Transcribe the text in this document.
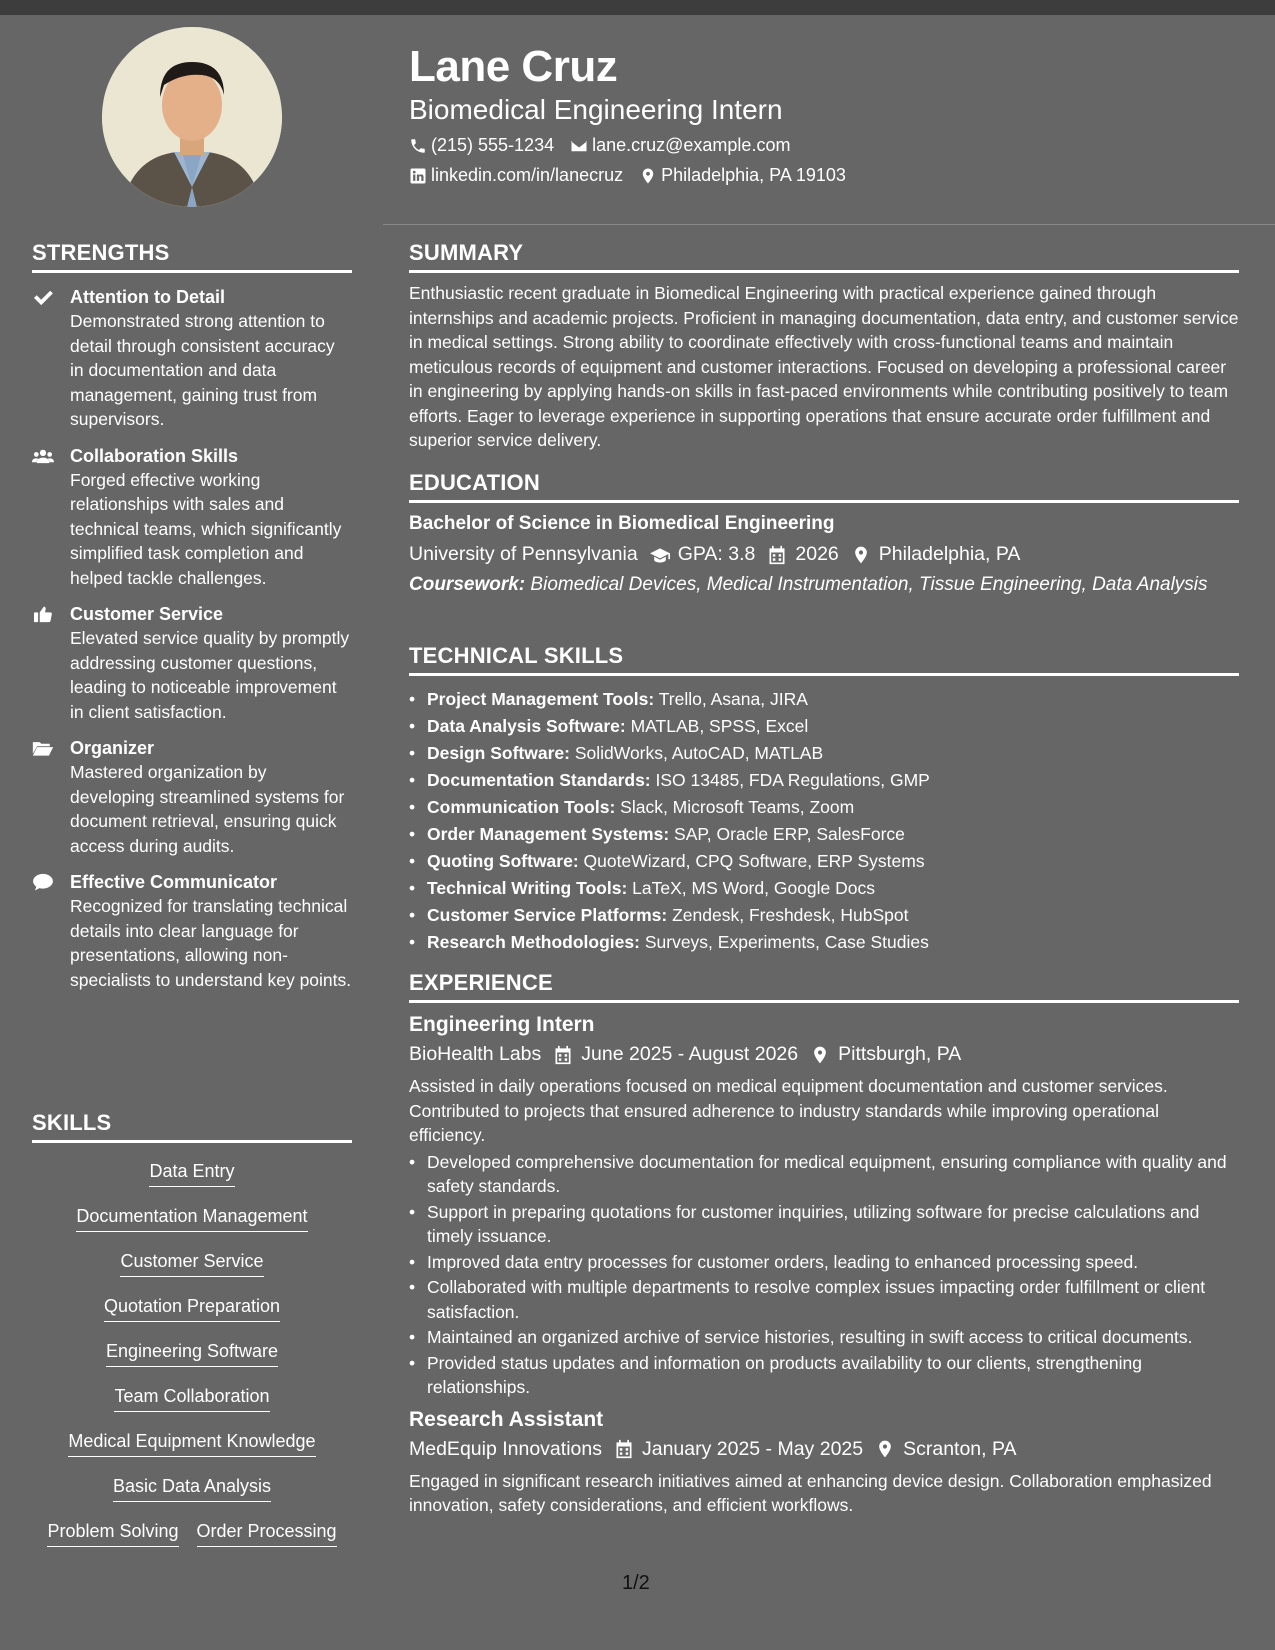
Lane Cruz
Biomedical Engineering Intern
(215) 555-1234 lane.cruz@example.com
linkedin.com/in/lanecruz Philadelphia, PA 19103
STRENGTHS
Attention to Detail
Demonstrated strong attention to detail through consistent accuracy in documentation and data management, gaining trust from supervisors.
Collaboration Skills
Forged effective working relationships with sales and technical teams, which significantly simplified task completion and helped tackle challenges.
Customer Service
Elevated service quality by promptly addressing customer questions, leading to noticeable improvement in client satisfaction.
Organizer
Mastered organization by developing streamlined systems for document retrieval, ensuring quick access during audits.
Effective Communicator
Recognized for translating technical details into clear language for presentations, allowing non-specialists to understand key points.
SKILLS
Data Entry
Documentation Management
Customer Service
Quotation Preparation
Engineering Software
Team Collaboration
Medical Equipment Knowledge
Basic Data Analysis
Problem Solving Order Processing
SUMMARY
Enthusiastic recent graduate in Biomedical Engineering with practical experience gained through internships and academic projects. Proficient in managing documentation, data entry, and customer service in medical settings. Strong ability to coordinate effectively with cross-functional teams and maintain meticulous records of equipment and customer interactions. Focused on developing a professional career in engineering by applying hands-on skills in fast-paced environments while contributing positively to team efforts. Eager to leverage experience in supporting operations that ensure accurate order fulfillment and superior service delivery.
EDUCATION
Bachelor of Science in Biomedical Engineering
University of Pennsylvania GPA: 3.8 2026 Philadelphia, PA
Coursework: Biomedical Devices, Medical Instrumentation, Tissue Engineering, Data Analysis
TECHNICAL SKILLS
• Project Management Tools: Trello, Asana, JIRA
• Data Analysis Software: MATLAB, SPSS, Excel
• Design Software: SolidWorks, AutoCAD, MATLAB
• Documentation Standards: ISO 13485, FDA Regulations, GMP
• Communication Tools: Slack, Microsoft Teams, Zoom
• Order Management Systems: SAP, Oracle ERP, SalesForce
• Quoting Software: QuoteWizard, CPQ Software, ERP Systems
• Technical Writing Tools: LaTeX, MS Word, Google Docs
• Customer Service Platforms: Zendesk, Freshdesk, HubSpot
• Research Methodologies: Surveys, Experiments, Case Studies
EXPERIENCE
Engineering Intern
BioHealth Labs June 2025 - August 2026 Pittsburgh, PA
Assisted in daily operations focused on medical equipment documentation and customer services. Contributed to projects that ensured adherence to industry standards while improving operational efficiency.
• Developed comprehensive documentation for medical equipment, ensuring compliance with quality and safety standards.
• Support in preparing quotations for customer inquiries, utilizing software for precise calculations and timely issuance.
• Improved data entry processes for customer orders, leading to enhanced processing speed.
• Collaborated with multiple departments to resolve complex issues impacting order fulfillment or client satisfaction.
• Maintained an organized archive of service histories, resulting in swift access to critical documents.
• Provided status updates and information on products availability to our clients, strengthening relationships.
Research Assistant
MedEquip Innovations January 2025 - May 2025 Scranton, PA
Engaged in significant research initiatives aimed at enhancing device design. Collaboration emphasized innovation, safety considerations, and efficient workflows.
1/2
